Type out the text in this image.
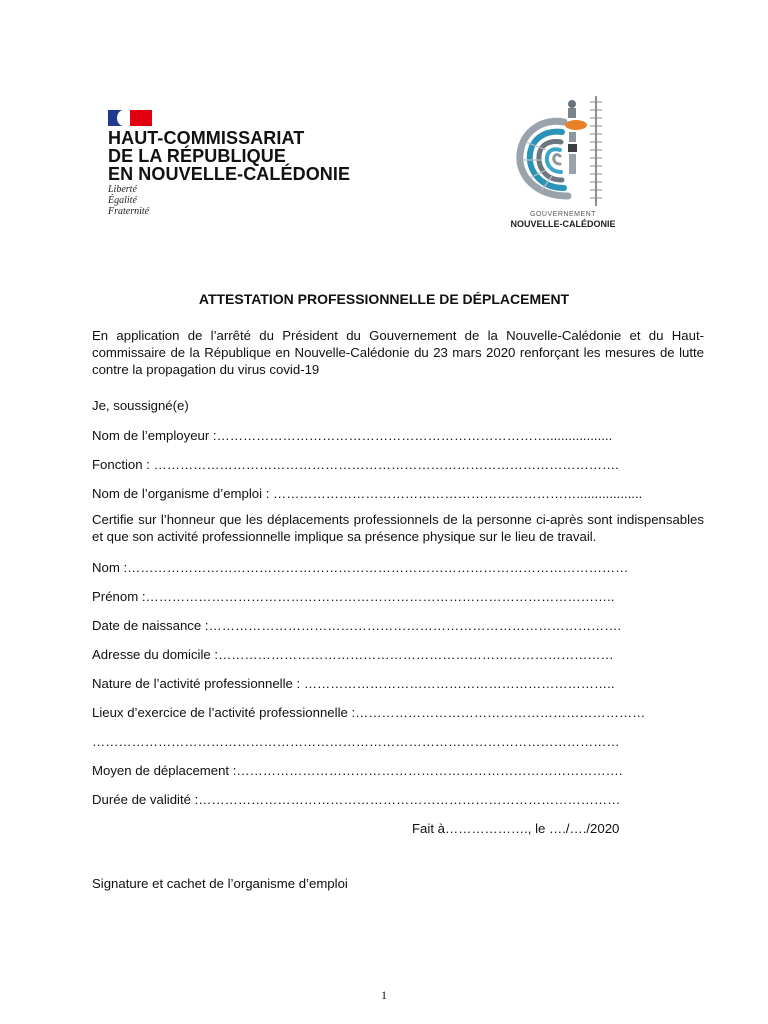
HAUT-COMMISSARIAT
DE LA RÉPUBLIQUE
EN NOUVELLE-CALÉDONIE
Liberté
Égalité
Fraternité	GOUVERNEMENT
NOUVELLE-CALÉDONIE
ATTESTATION PROFESSIONNELLE DE DÉPLACEMENT
En application de l’arrêté du Président du Gouvernement de la Nouvelle-Calédonie et du Haut-commissaire de la République en Nouvelle-Calédonie du 23 mars 2020 renforçant les mesures de lutte contre la propagation du virus covid-19
Je, soussigné(e)
Nom de l’employeur :…………………………………………………………………..................
Fonction : …………………………………………………………………………………………….
Nom de l’organisme d’emploi : ……………………………………………………………..................
Certifie sur l’honneur que les déplacements professionnels de la personne ci-après sont indispensables et que son activité professionnelle implique sa présence physique sur le lieu de travail.
Nom :……………………………………………………………………………………………………
Prénom :……………………………………………………………………………………………..
Date de naissance :………………………………………………………………………………….
Adresse du domicile :………………………………………………………………………………
Nature de l’activité professionnelle : ……………………………………………………………..
Lieux d’exercice de l’activité professionnelle :…………………………………………………………
…………………………………………………………………………………………………………
Moyen de déplacement :…………………………………………………………………………….
Durée de validité :……………………………………………………………………………………
Fait à………………., le …./…./2020
Signature et cachet de l’organisme d’emploi
1
